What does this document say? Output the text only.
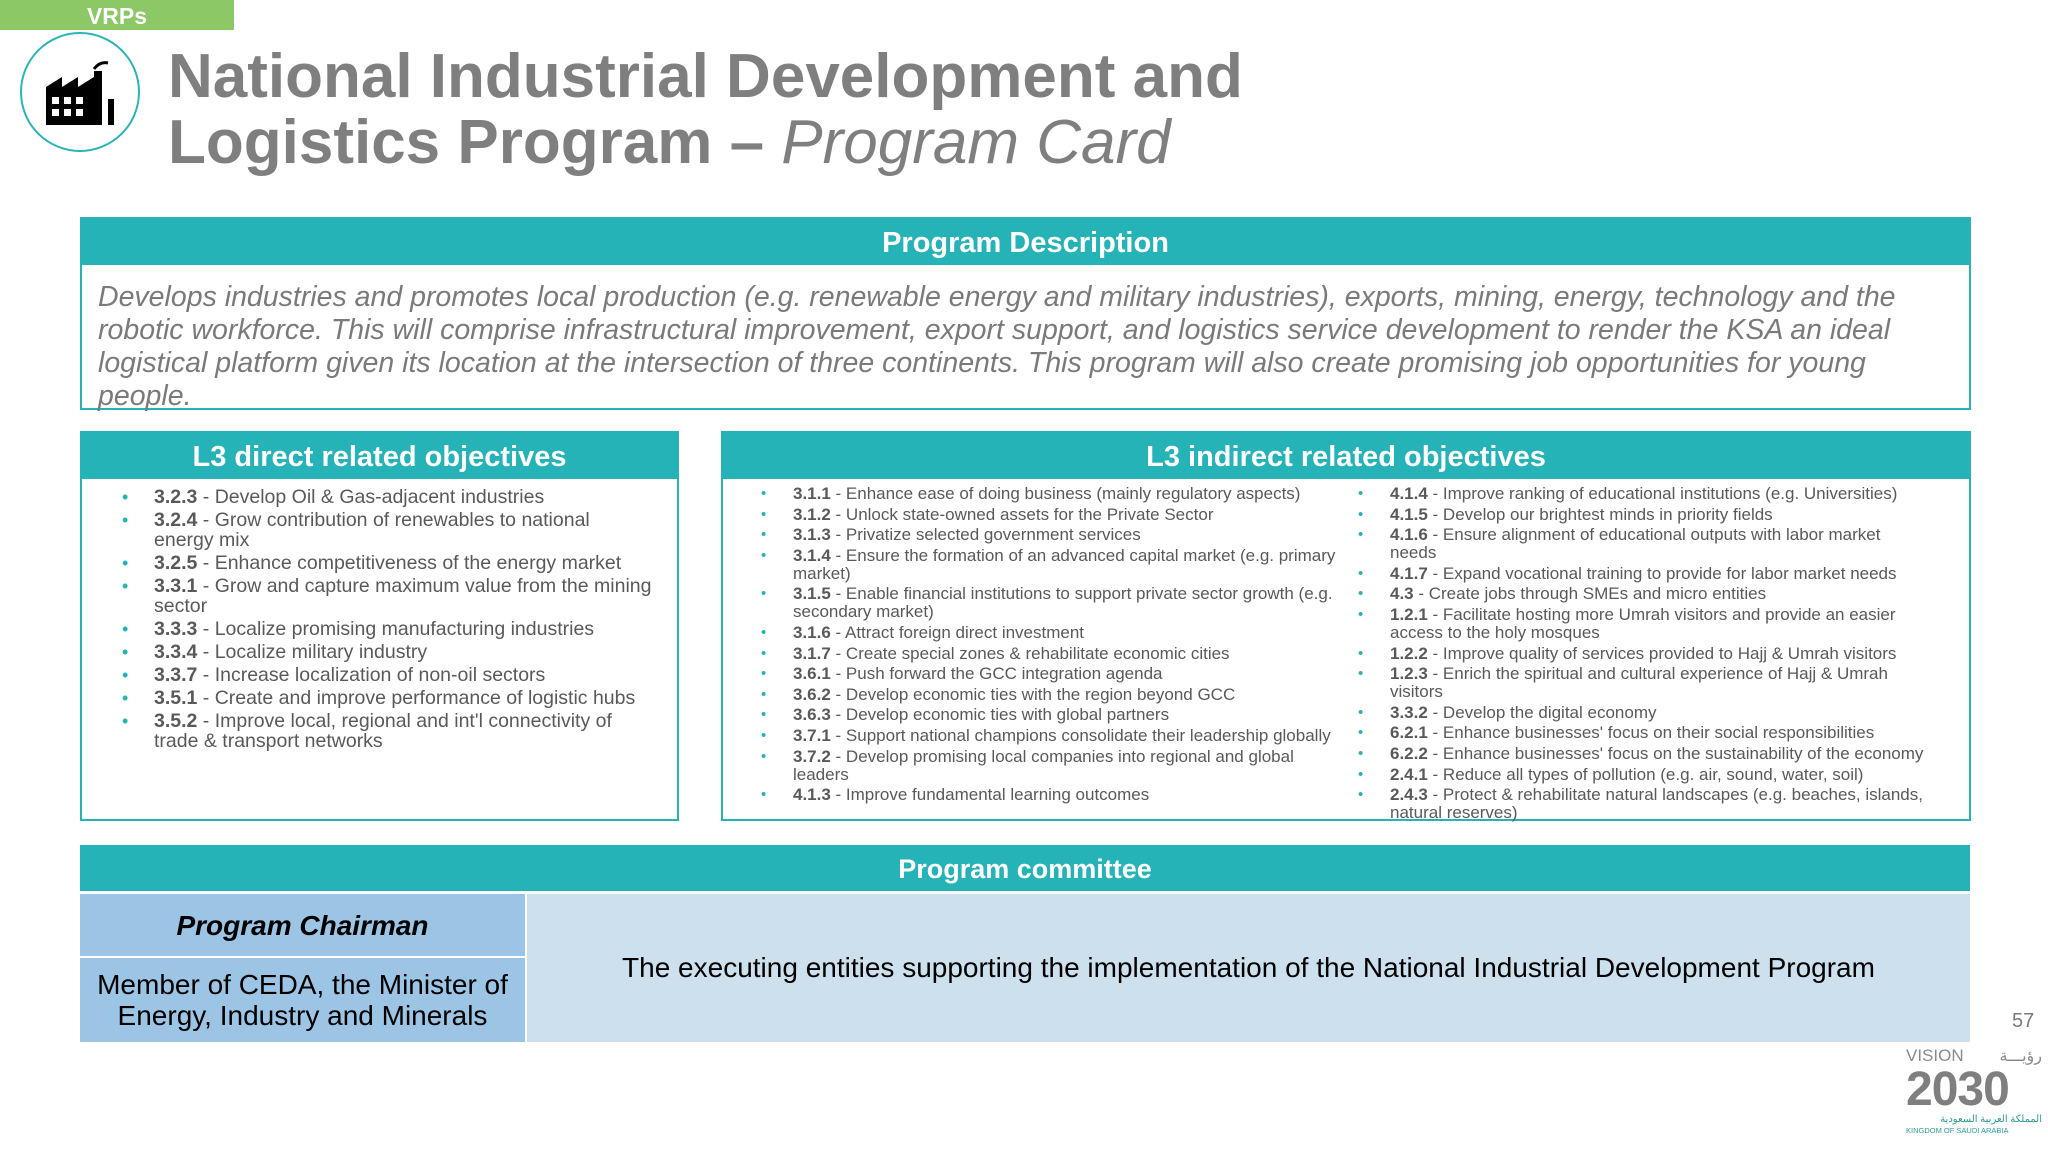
VRPs
National Industrial Development and
Logistics Program – Program Card
Program Description
Develops industries and promotes local production (e.g. renewable energy and military industries), exports, mining, energy, technology and the robotic workforce. This will comprise infrastructural improvement, export support, and logistics service development to render the KSA an ideal logistical platform given its location at the intersection of three continents. This program will also create promising job opportunities for young people.
L3 direct related objectives
• 3.2.3 - Develop Oil & Gas-adjacent industries
• 3.2.4 - Grow contribution of renewables to national energy mix
• 3.2.5 - Enhance competitiveness of the energy market
• 3.3.1 - Grow and capture maximum value from the mining sector
• 3.3.3 - Localize promising manufacturing industries
• 3.3.4 - Localize military industry
• 3.3.7 - Increase localization of non-oil sectors
• 3.5.1 - Create and improve performance of logistic hubs
• 3.5.2 - Improve local, regional and int'l connectivity of trade & transport networks
L3 indirect related objectives
• 3.1.1 - Enhance ease of doing business (mainly regulatory aspects)
• 3.1.2 - Unlock state-owned assets for the Private Sector
• 3.1.3 - Privatize selected government services
• 3.1.4 - Ensure the formation of an advanced capital market (e.g. primary market)
• 3.1.5 - Enable financial institutions to support private sector growth (e.g. secondary market)
• 3.1.6 - Attract foreign direct investment
• 3.1.7 - Create special zones & rehabilitate economic cities
• 3.6.1 - Push forward the GCC integration agenda
• 3.6.2 - Develop economic ties with the region beyond GCC
• 3.6.3 - Develop economic ties with global partners
• 3.7.1 - Support national champions consolidate their leadership globally
• 3.7.2 - Develop promising local companies into regional and global leaders
• 4.1.3 - Improve fundamental learning outcomes
• 4.1.4 - Improve ranking of educational institutions (e.g. Universities)
• 4.1.5 - Develop our brightest minds in priority fields
• 4.1.6 - Ensure alignment of educational outputs with labor market needs
• 4.1.7 - Expand vocational training to provide for labor market needs
• 4.3 - Create jobs through SMEs and micro entities
• 1.2.1 - Facilitate hosting more Umrah visitors and provide an easier access to the holy mosques
• 1.2.2 - Improve quality of services provided to Hajj & Umrah visitors
• 1.2.3 - Enrich the spiritual and cultural experience of Hajj & Umrah visitors
• 3.3.2 - Develop the digital economy
• 6.2.1 - Enhance businesses' focus on their social responsibilities
• 6.2.2 - Enhance businesses' focus on the sustainability of the economy
• 2.4.1 - Reduce all types of pollution (e.g. air, sound, water, soil)
• 2.4.3 - Protect & rehabilitate natural landscapes (e.g. beaches, islands, natural reserves)
Program committee
Program Chairman
Member of CEDA, the Minister of Energy, Industry and Minerals
The executing entities supporting the implementation of the National Industrial Development Program
57
VISION رؤيـــة
2030
المملكة العربية السعودية
KINGDOM OF SAUDI ARABIA
